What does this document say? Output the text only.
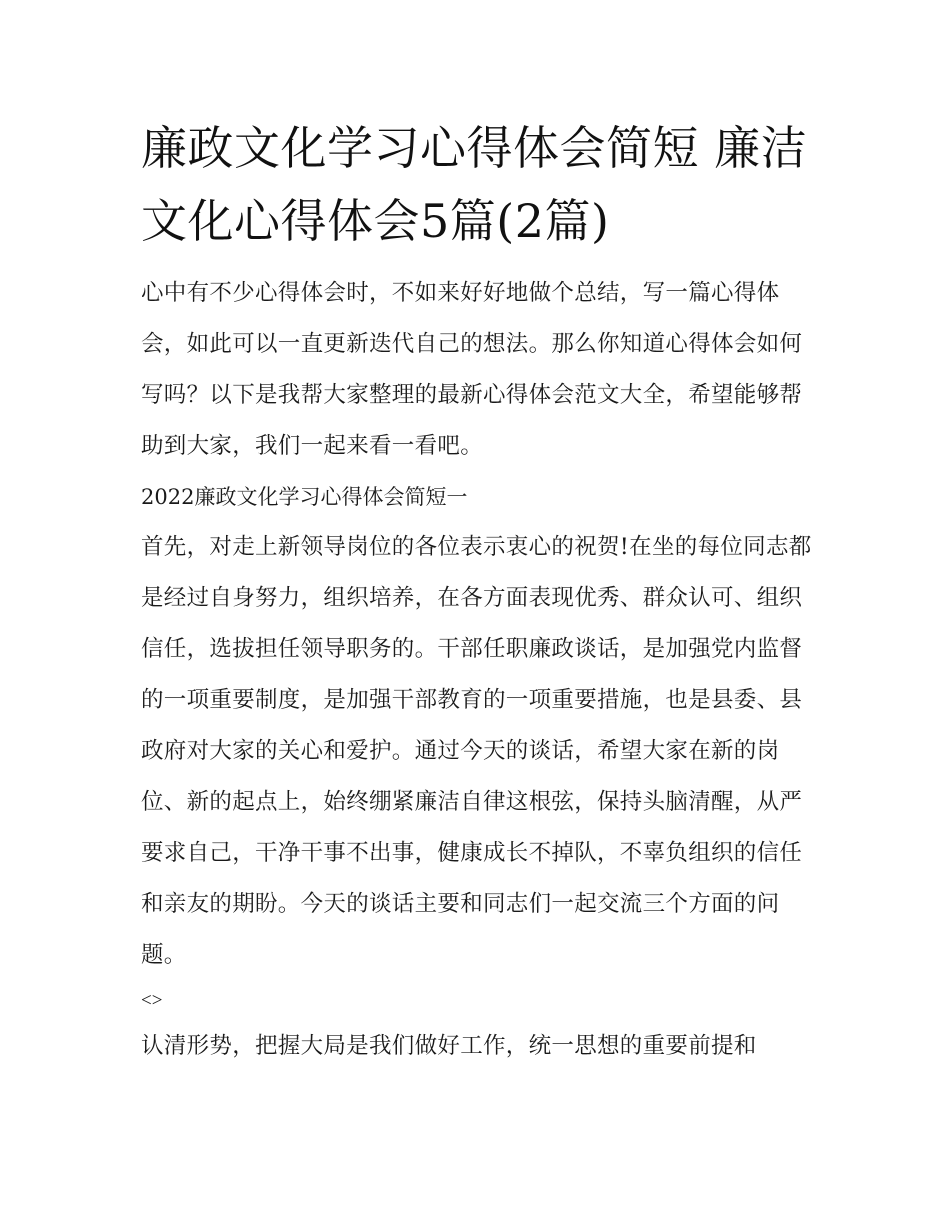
廉政文化学习心得体会简短 廉洁文化心得体会5篇(2篇)

心中有不少心得体会时，不如来好好地做个总结，写一篇心得体会，如此可以一直更新迭代自己的想法。那么你知道心得体会如何写吗？以下是我帮大家整理的最新心得体会范文大全，希望能够帮助到大家，我们一起来看一看吧。

2022廉政文化学习心得体会简短一

首先，对走上新领导岗位的各位表示衷心的祝贺!在坐的每位同志都是经过自身努力，组织培养，在各方面表现优秀、群众认可、组织信任，选拔担任领导职务的。干部任职廉政谈话，是加强党内监督的一项重要制度，是加强干部教育的一项重要措施，也是县委、县政府对大家的关心和爱护。通过今天的谈话，希望大家在新的岗位、新的起点上，始终绷紧廉洁自律这根弦，保持头脑清醒，从严要求自己，干净干事不出事，健康成长不掉队，不辜负组织的信任和亲友的期盼。今天的谈话主要和同志们一起交流三个方面的问题。

<>

认清形势，把握大局是我们做好工作，统一思想的重要前提和
